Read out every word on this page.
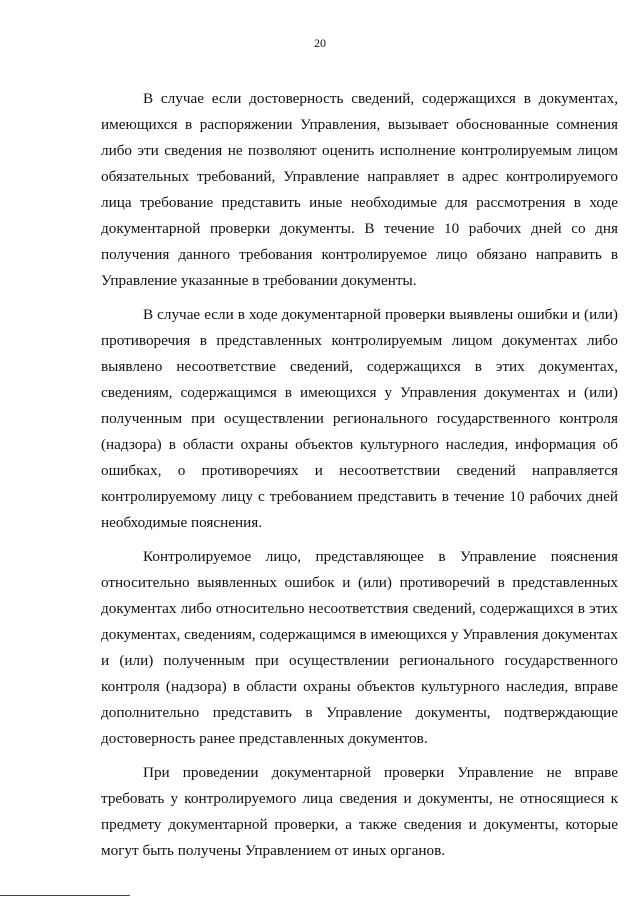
20

В случае если достоверность сведений, содержащихся в документах, имеющихся в распоряжении Управления, вызывает обоснованные сомнения либо эти сведения не позволяют оценить исполнение контролируемым лицом обязательных требований, Управление направляет в адрес контролируемого лица требование представить иные необходимые для рассмотрения в ходе документарной проверки документы. В течение 10 рабочих дней со дня получения данного требования контролируемое лицо обязано направить в Управление указанные в требовании документы.

В случае если в ходе документарной проверки выявлены ошибки и (или) противоречия в представленных контролируемым лицом документах либо выявлено несоответствие сведений, содержащихся в этих документах, сведениям, содержащимся в имеющихся у Управления документах и (или) полученным при осуществлении регионального государственного контроля (надзора) в области охраны объектов культурного наследия, информация об ошибках, о противоречиях и несоответствии сведений направляется контролируемому лицу с требованием представить в течение 10 рабочих дней необходимые пояснения.

Контролируемое лицо, представляющее в Управление пояснения относительно выявленных ошибок и (или) противоречий в представленных документах либо относительно несоответствия сведений, содержащихся в этих документах, сведениям, содержащимся в имеющихся у Управления документах и (или) полученным при осуществлении регионального государственного контроля (надзора) в области охраны объектов культурного наследия, вправе дополнительно представить в Управление документы, подтверждающие достоверность ранее представленных документов.

При проведении документарной проверки Управление не вправе требовать у контролируемого лица сведения и документы, не относящиеся к предмету документарной проверки, а также сведения и документы, которые могут быть получены Управлением от иных органов.
